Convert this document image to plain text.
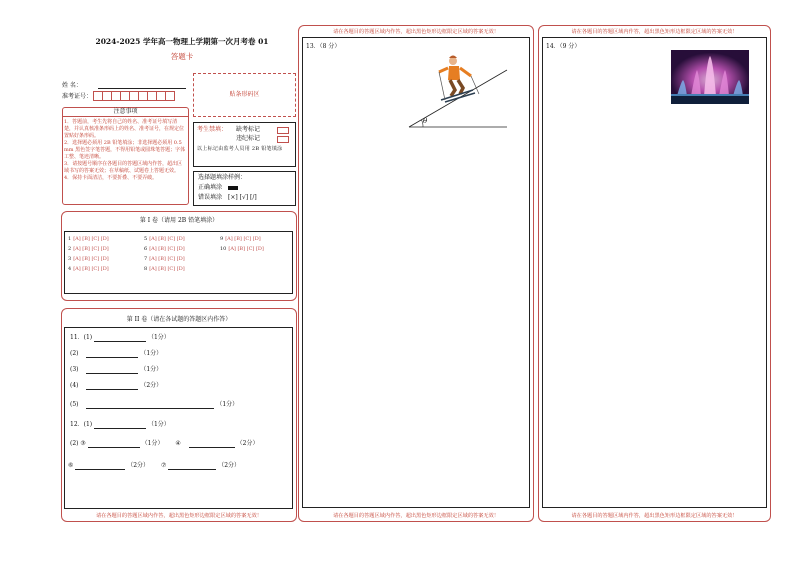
2024-2025 学年高一物理上学期第一次月考卷 01
答题卡
姓 名：
准考证号：	贴条形码区
注意事项
1．答题前，考生先将自己的姓名、准考证号填写清楚，并认真核准条形码上的姓名、准考证号，在规定位置贴好条形码。
2．选择题必须用 2B 铅笔填涂；非选择题必须用 0.5 mm 黑色签字笔答题，不得用铅笔或圆珠笔答题；字体工整、笔迹清晰。
3．请按题号顺序在各题目的答题区域内作答，超出区域书写的答案无效；在草稿纸、试题卷上答题无效。
4．保持卡面清洁，不要折叠、不要弄破。
考生禁填： 缺考标记
违纪标记
以上标记由监考人员用 2B 铅笔填涂
选择题填涂样例：
正确填涂
错误填涂 [×] [√] [/]
第 I 卷（请用 2B 铅笔填涂）
1 [A] [B] [C] [D]
2 [A] [B] [C] [D]
3 [A] [B] [C] [D]
4 [A] [B] [C] [D]
5 [A] [B] [C] [D]
6 [A] [B] [C] [D]
7 [A] [B] [C] [D]
8 [A] [B] [C] [D]
9 [A] [B] [C] [D]
10 [A] [B] [C] [D]
第 II 卷（请在各试题的答题区内作答）
11．(1)	（1分）
(2)	（1分）
(3)	（1分）
(4)	（2分）
(5)	（1分）
12．(1)	（1分）
(2) ③	（1分） ④	（2分）
⑥	（2分） ⑦	（2分）
请在各题目的答题区域内作答，超出黑色矩形边框限定区域的答案无效！
请在各题目的答题区域内作答，超出黑色矩形边框限定区域的答案无效！
13．（8 分）
θ
请在各题目的答题区域内作答，超出黑色矩形边框限定区域的答案无效！
请在各题目的答题区域内作答，超出黑色矩形边框限定区域的答案无效！
14．（9 分）
请在各题目的答题区域内作答，超出黑色矩形边框限定区域的答案无效！
